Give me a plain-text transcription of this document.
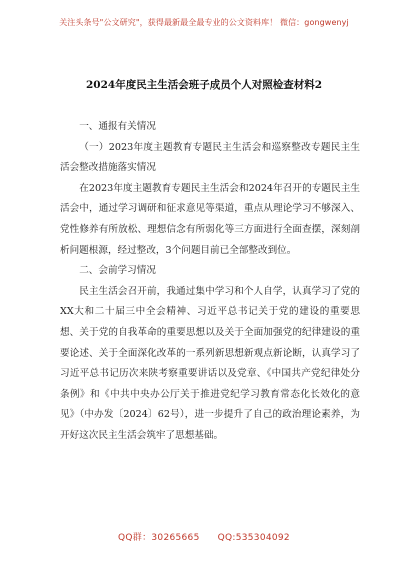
关注头条号"公文研究"，获得最新最全最专业的公文资料库！ 微信：gongwenyj
2024年度民主生活会班子成员个人对照检查材料2

一、通报有关情况

（一）2023年度主题教育专题民主生活会和巡察整改专题民主生活会整改措施落实情况

在2023年度主题教育专题民主生活会和2024年召开的专题民主生活会中，通过学习调研和征求意见等渠道，重点从理论学习不够深入、党性修养有所放松、理想信念有所弱化等三方面进行全面查摆，深刻剖析问题根源，经过整改，3个问题目前已全部整改到位。

二、会前学习情况

民主生活会召开前，我通过集中学习和个人自学，认真学习了党的XX大和二十届三中全会精神、习近平总书记关于党的建设的重要思想、关于党的自我革命的重要思想以及关于全面加强党的纪律建设的重要论述、关于全面深化改革的一系列新思想新观点新论断，认真学习了习近平总书记历次来陕考察重要讲话以及党章、《中国共产党纪律处分条例》和《中共中央办公厅关于推进党纪学习教育常态化长效化的意见》（中办发〔2024〕62号），进一步提升了自己的政治理论素养，为开好这次民主生活会筑牢了思想基础。

QQ群：30265665 QQ:535304092
